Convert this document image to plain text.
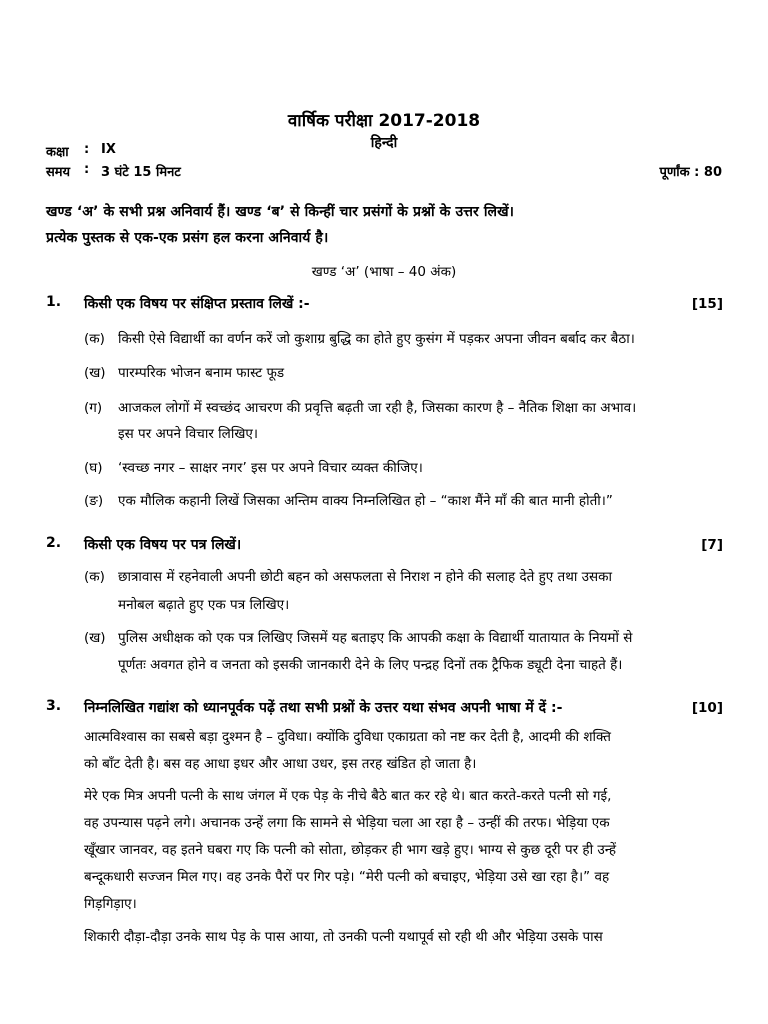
वार्षिक परीक्षा 2017-2018
हिन्दी
कक्षा : IX
समय : 3 घंटे 15 मिनट	पूर्णांक : 80
खण्ड ‘अ’ के सभी प्रश्न अनिवार्य हैं। खण्ड ‘ब’ से किन्हीं चार प्रसंगों के प्रश्नों के उत्तर लिखें।
प्रत्येक पुस्तक से एक-एक प्रसंग हल करना अनिवार्य है।
खण्ड ‘अ’ (भाषा – 40 अंक)
1. किसी एक विषय पर संक्षिप्त प्रस्ताव लिखें :-	[15]
(क) किसी ऐसे विद्यार्थी का वर्णन करें जो कुशाग्र बुद्धि का होते हुए कुसंग में पड़कर अपना जीवन बर्बाद कर बैठा।
(ख) पारम्परिक भोजन बनाम फास्ट फूड
(ग) आजकल लोगों में स्वच्छंद आचरण की प्रवृत्ति बढ़ती जा रही है, जिसका कारण है – नैतिक शिक्षा का अभाव।
इस पर अपने विचार लिखिए।
(घ) ‘स्वच्छ नगर – साक्षर नगर’ इस पर अपने विचार व्यक्त कीजिए।
(ङ) एक मौलिक कहानी लिखें जिसका अन्तिम वाक्य निम्नलिखित हो – “काश मैंने माँ की बात मानी होती।”
2. किसी एक विषय पर पत्र लिखें।	[7]
(क) छात्रावास में रहनेवाली अपनी छोटी बहन को असफलता से निराश न होने की सलाह देते हुए तथा उसका
मनोबल बढ़ाते हुए एक पत्र लिखिए।
(ख) पुलिस अधीक्षक को एक पत्र लिखिए जिसमें यह बताइए कि आपकी कक्षा के विद्यार्थी यातायात के नियमों से
पूर्णतः अवगत होने व जनता को इसकी जानकारी देने के लिए पन्द्रह दिनों तक ट्रैफिक ड्यूटी देना चाहते हैं।
3. निम्नलिखित गद्यांश को ध्यानपूर्वक पढ़ें तथा सभी प्रश्नों के उत्तर यथा संभव अपनी भाषा में दें :-	[10]
आत्मविश्वास का सबसे बड़ा दुश्मन है – दुविधा। क्योंकि दुविधा एकाग्रता को नष्ट कर देती है, आदमी की शक्ति
को बाँट देती है। बस वह आधा इधर और आधा उधर, इस तरह खंडित हो जाता है।
मेरे एक मित्र अपनी पत्नी के साथ जंगल में एक पेड़ के नीचे बैठे बात कर रहे थे। बात करते-करते पत्नी सो गई,
वह उपन्यास पढ़ने लगे। अचानक उन्हें लगा कि सामने से भेड़िया चला आ रहा है – उन्हीं की तरफ। भेड़िया एक
खूँखार जानवर, वह इतने घबरा गए कि पत्नी को सोता, छोड़कर ही भाग खड़े हुए। भाग्य से कुछ दूरी पर ही उन्हें
बन्दूकधारी सज्जन मिल गए। वह उनके पैरों पर गिर पड़े। “मेरी पत्नी को बचाइए, भेड़िया उसे खा रहा है।” वह
गिड़गिड़ाए।
शिकारी दौड़ा-दौड़ा उनके साथ पेड़ के पास आया, तो उनकी पत्नी यथापूर्व सो रही थी और भेड़िया उसके पास
